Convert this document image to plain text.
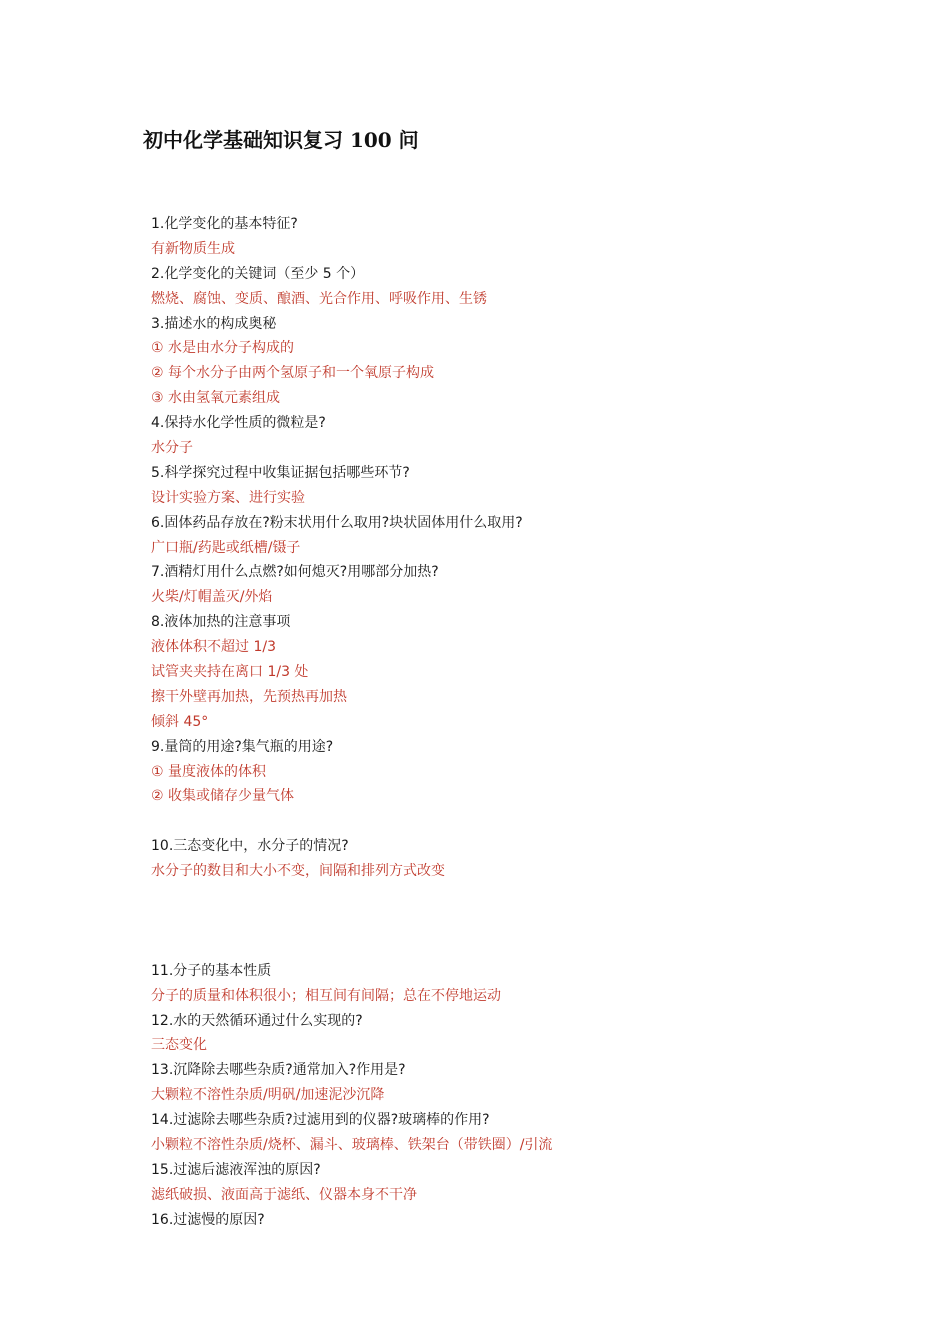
初中化学基础知识复习 100 问
1.化学变化的基本特征?
有新物质生成
2.化学变化的关键词（至少 5 个）
燃烧、腐蚀、变质、酿酒、光合作用、呼吸作用、生锈
3.描述水的构成奥秘
① 水是由水分子构成的
② 每个水分子由两个氢原子和一个氧原子构成
③ 水由氢氧元素组成
4.保持水化学性质的微粒是?
水分子
5.科学探究过程中收集证据包括哪些环节?
设计实验方案、进行实验
6.固体药品存放在?粉末状用什么取用?块状固体用什么取用?
广口瓶/药匙或纸槽/镊子
7.酒精灯用什么点燃?如何熄灭?用哪部分加热?
火柴/灯帽盖灭/外焰
8.液体加热的注意事项
液体体积不超过 1/3
试管夹夹持在离口 1/3 处
擦干外壁再加热，先预热再加热
倾斜 45°
9.量筒的用途?集气瓶的用途?
① 量度液体的体积
② 收集或储存少量气体
10.三态变化中，水分子的情况?
水分子的数目和大小不变，间隔和排列方式改变
11.分子的基本性质
分子的质量和体积很小；相互间有间隔；总在不停地运动
12.水的天然循环通过什么实现的?
三态变化
13.沉降除去哪些杂质?通常加入?作用是?
大颗粒不溶性杂质/明矾/加速泥沙沉降
14.过滤除去哪些杂质?过滤用到的仪器?玻璃棒的作用?
小颗粒不溶性杂质/烧杯、漏斗、玻璃棒、铁架台（带铁圈）/引流
15.过滤后滤液浑浊的原因?
滤纸破损、液面高于滤纸、仪器本身不干净
16.过滤慢的原因?
